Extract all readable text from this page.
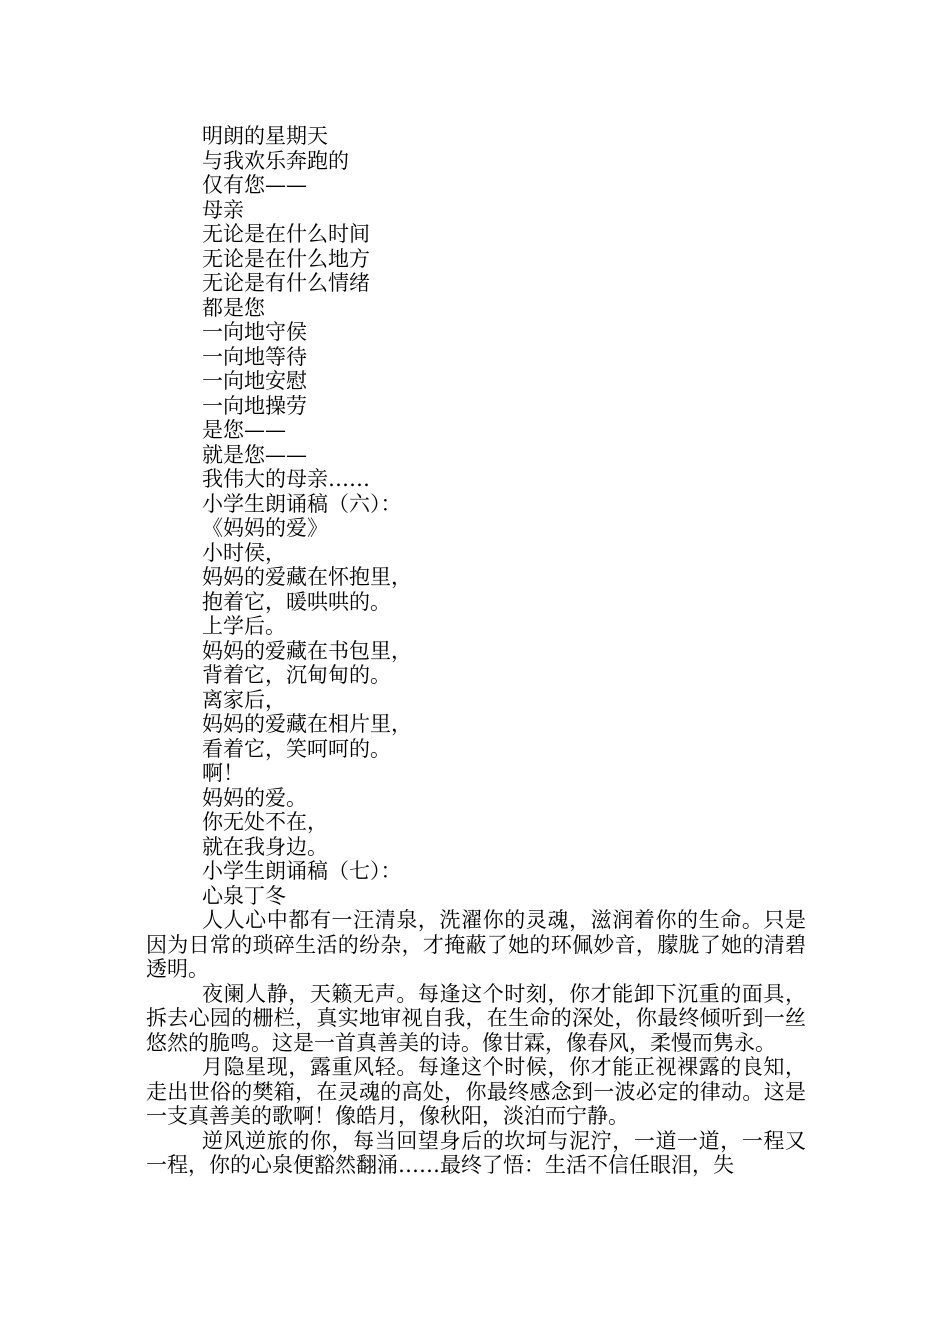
明朗的星期天
与我欢乐奔跑的
仅有您——
母亲
无论是在什么时间
无论是在什么地方
无论是有什么情绪
都是您
一向地守侯
一向地等待
一向地安慰
一向地操劳
是您——
就是您——
我伟大的母亲……
小学生朗诵稿（六）：
《妈妈的爱》
小时侯，
妈妈的爱藏在怀抱里，
抱着它，暖哄哄的。
上学后。
妈妈的爱藏在书包里，
背着它，沉甸甸的。
离家后，
妈妈的爱藏在相片里，
看着它，笑呵呵的。
啊！
妈妈的爱。
你无处不在，
就在我身边。
小学生朗诵稿（七）：
心泉丁冬

人人心中都有一汪清泉，洗濯你的灵魂，滋润着你的生命。只是因为日常的琐碎生活的纷杂，才掩蔽了她的环佩妙音，朦胧了她的清碧透明。

夜阑人静，天籁无声。每逢这个时刻，你才能卸下沉重的面具，拆去心园的栅栏，真实地审视自我，在生命的深处，你最终倾听到一丝悠然的脆鸣。这是一首真善美的诗。像甘霖，像春风，柔慢而隽永。

月隐星现，露重风轻。每逢这个时候，你才能正视裸露的良知，走出世俗的樊箱，在灵魂的高处，你最终感念到一波必定的律动。这是一支真善美的歌啊！像皓月，像秋阳，淡泊而宁静。

逆风逆旅的你，每当回望身后的坎坷与泥泞，一道一道，一程又一程，你的心泉便豁然翻涌……最终了悟：生活不信任眼泪，失
